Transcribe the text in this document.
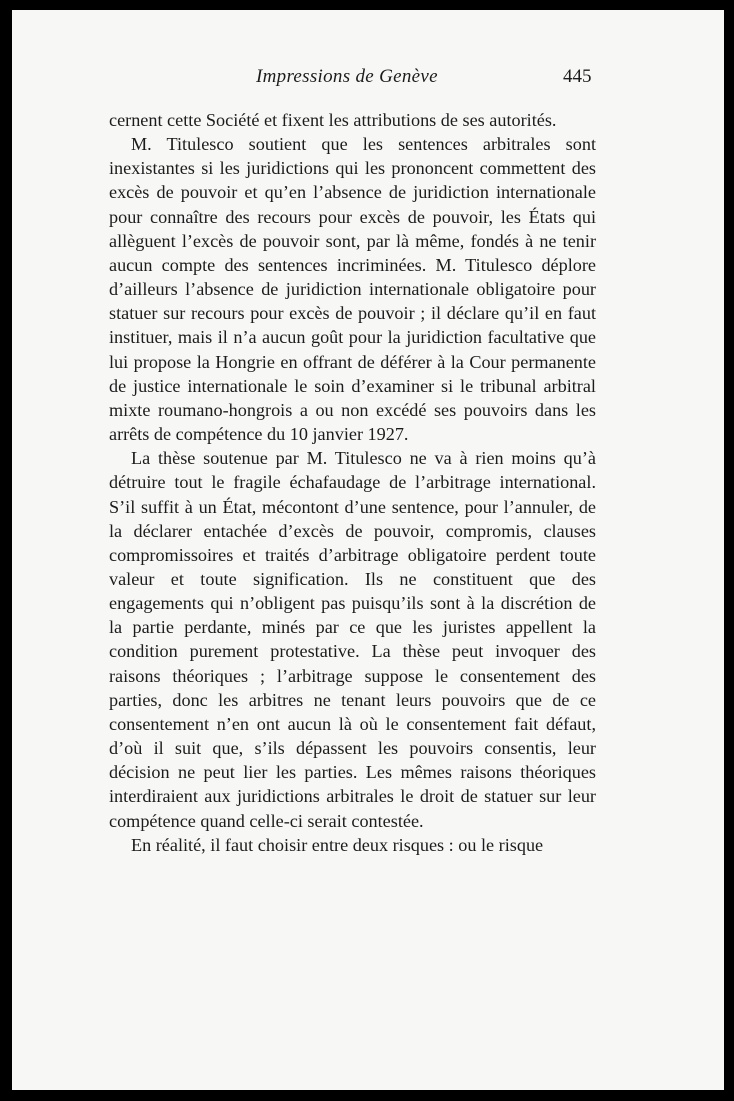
Impressions de Genève	445

cernent cette Société et fixent les attributions de ses autorités.

M. Titulesco soutient que les sentences arbitrales sont inexistantes si les juridictions qui les prononcent commettent des excès de pouvoir et qu’en l’absence de juridiction internationale pour connaître des recours pour excès de pouvoir, les États qui allèguent l’excès de pouvoir sont, par là même, fondés à ne tenir aucun compte des sentences incriminées. M. Titulesco déplore d’ailleurs l’absence de juridiction internationale obligatoire pour statuer sur recours pour excès de pouvoir ; il déclare qu’il en faut instituer, mais il n’a aucun goût pour la juridiction facultative que lui propose la Hongrie en offrant de déférer à la Cour permanente de justice internationale le soin d’examiner si le tribunal arbitral mixte roumano-hongrois a ou non excédé ses pouvoirs dans les arrêts de compétence du 10 janvier 1927.

La thèse soutenue par M. Titulesco ne va à rien moins qu’à détruire tout le fragile échafaudage de l’arbitrage international. S’il suffit à un État, mécontont d’une sentence, pour l’annuler, de la déclarer entachée d’excès de pouvoir, compromis, clauses compromissoires et traités d’arbitrage obligatoire perdent toute valeur et toute signification. Ils ne constituent que des engagements qui n’obligent pas puisqu’ils sont à la discrétion de la partie perdante, minés par ce que les juristes appellent la condition purement protestative. La thèse peut invoquer des raisons théoriques ; l’arbitrage suppose le consentement des parties, donc les arbitres ne tenant leurs pouvoirs que de ce consentement n’en ont aucun là où le consentement fait défaut, d’où il suit que, s’ils dépassent les pouvoirs consentis, leur décision ne peut lier les parties. Les mêmes raisons théoriques interdiraient aux juridictions arbitrales le droit de statuer sur leur compétence quand celle-ci serait contestée.

En réalité, il faut choisir entre deux risques : ou le risque
